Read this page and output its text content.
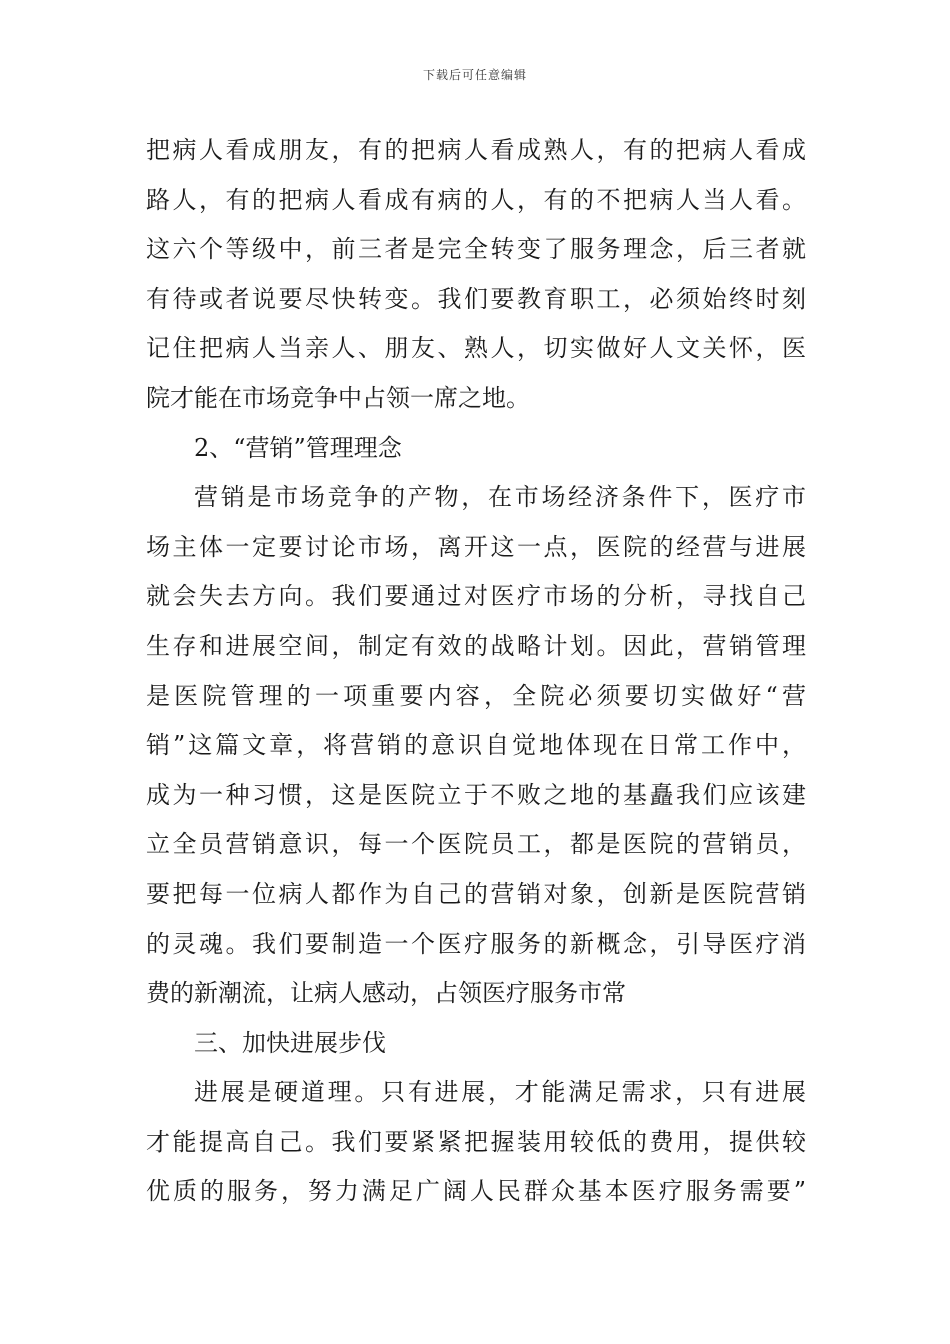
下载后可任意编辑
把病人看成朋友，有的把病人看成熟人，有的把病人看成
路人，有的把病人看成有病的人，有的不把病人当人看。
这六个等级中，前三者是完全转变了服务理念，后三者就
有待或者说要尽快转变。我们要教育职工，必须始终时刻
记住把病人当亲人、朋友、熟人，切实做好人文关怀，医
院才能在市场竞争中占领一席之地。
2、“营销”管理理念
营销是市场竞争的产物，在市场经济条件下，医疗市
场主体一定要讨论市场，离开这一点，医院的经营与进展
就会失去方向。我们要通过对医疗市场的分析，寻找自己
生存和进展空间，制定有效的战略计划。因此，营销管理
是医院管理的一项重要内容，全院必须要切实做好“营
销”这篇文章，将营销的意识自觉地体现在日常工作中，
成为一种习惯，这是医院立于不败之地的基矗我们应该建
立全员营销意识，每一个医院员工，都是医院的营销员，
要把每一位病人都作为自己的营销对象，创新是医院营销
的灵魂。我们要制造一个医疗服务的新概念，引导医疗消
费的新潮流，让病人感动，占领医疗服务市常
三、加快进展步伐
进展是硬道理。只有进展，才能满足需求，只有进展
才能提高自己。我们要紧紧把握装用较低的费用，提供较
优质的服务，努力满足广阔人民群众基本医疗服务需要”
